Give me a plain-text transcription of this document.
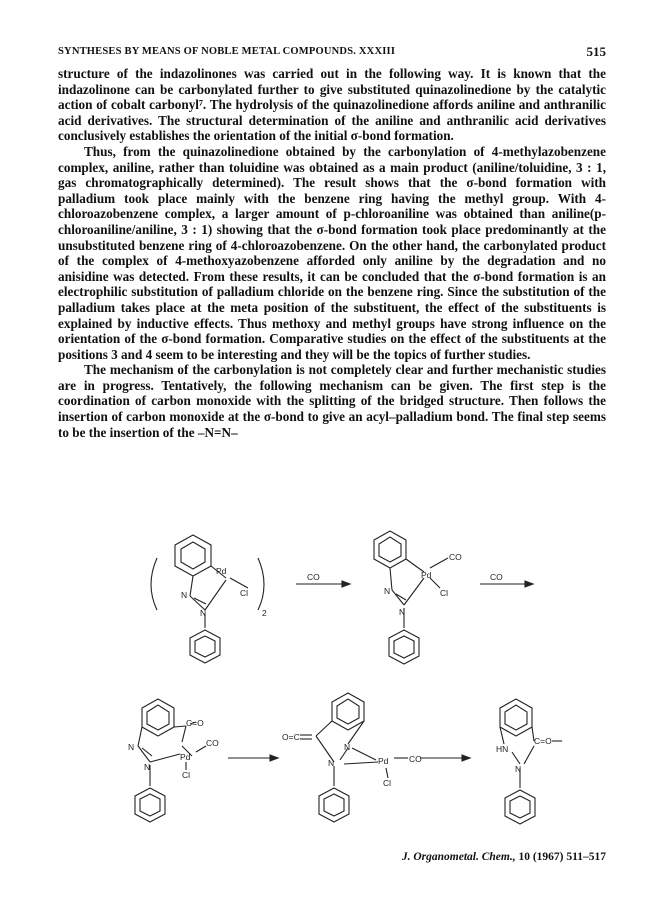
SYNTHESES BY MEANS OF NOBLE METAL COMPOUNDS. XXXIII	515

structure of the indazolinones was carried out in the following way. It is known that the indazolinone can be carbonylated further to give substituted quinazolinedione by the catalytic action of cobalt carbonyl⁷. The hydrolysis of the quinazolinedione affords aniline and anthranilic acid derivatives. The structural determination of the aniline and anthranilic acid derivatives conclusively establishes the orientation of the initial σ-bond formation.

Thus, from the quinazolinedione obtained by the carbonylation of 4-methylazobenzene complex, aniline, rather than toluidine was obtained as a main product (aniline/toluidine, 3 : 1, gas chromatographically determined). The result shows that the σ-bond formation with palladium took place mainly with the benzene ring having the methyl group. With 4-chloroazobenzene complex, a larger amount of p-chloroaniline was obtained than aniline(p-chloroaniline/aniline, 3 : 1) showing that the σ-bond formation took place predominantly at the unsubstituted benzene ring of 4-chloroazobenzene. On the other hand, the carbonylated product of the complex of 4-methoxyazobenzene afforded only aniline by the degradation and no anisidine was detected. From these results, it can be concluded that the σ-bond formation is an electrophilic substitution of palladium chloride on the benzene ring. Since the substitution of the palladium takes place at the meta position of the substituent, the effect of the substituents is explained by inductive effects. Thus methoxy and methyl groups have strong influence on the orientation of the σ-bond formation. Comparative studies on the effect of the substituents at the positions 3 and 4 seem to be interesting and they will be the topics of further studies.

The mechanism of the carbonylation is not completely clear and further mechanistic studies are in progress. Tentatively, the following mechanism can be given. The first step is the coordination of carbon monoxide with the splitting of the bridged structure. Then follows the insertion of carbon monoxide at the σ-bond to give an acyl–palladium bond. The final step seems to be the insertion of the –N=N–

Pd
Cl
N
N	2
CO	Pd
CO
Cl
N
N
CO
C=O
Pd
CO
Cl
N
N
O=C
N
N	Pd CO
Cl
C=O
HN
N
J. Organometal. Chem., 10 (1967) 511–517
